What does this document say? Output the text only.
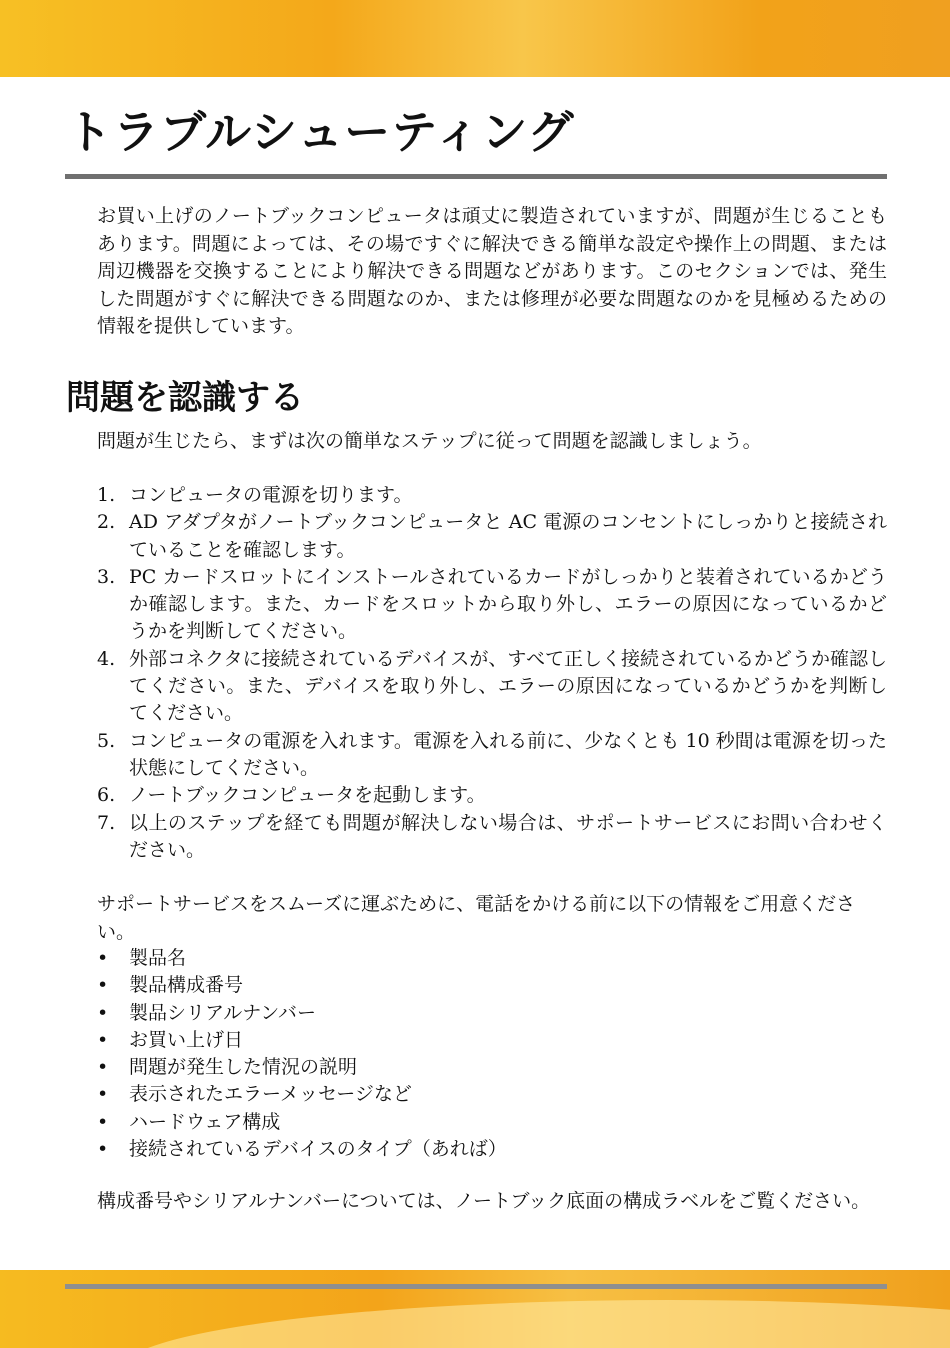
トラブルシューティング

お買い上げのノートブックコンピュータは頑丈に製造されていますが、問題が生じることもあります。問題によっては、その場ですぐに解決できる簡単な設定や操作上の問題、または周辺機器を交換することにより解決できる問題などがあります。このセクションでは、発生した問題がすぐに解決できる問題なのか、または修理が必要な問題なのかを見極めるための情報を提供しています。

問題を認識する

問題が生じたら、まずは次の簡単なステップに従って問題を認識しましょう。

1. コンピュータの電源を切ります。
2. AD アダプタがノートブックコンピュータと AC 電源のコンセントにしっかりと接続されていることを確認します。
3. PC カードスロットにインストールされているカードがしっかりと装着されているかどうか確認します。また、カードをスロットから取り外し、エラーの原因になっているかどうかを判断してください。
4. 外部コネクタに接続されているデバイスが、すべて正しく接続されているかどうか確認してください。また、デバイスを取り外し、エラーの原因になっているかどうかを判断してください。
5. コンピュータの電源を入れます。電源を入れる前に、少なくとも 10 秒間は電源を切った状態にしてください。
6. ノートブックコンピュータを起動します。
7. 以上のステップを経ても問題が解決しない場合は、サポートサービスにお問い合わせください。

サポートサービスをスムーズに運ぶために、電話をかける前に以下の情報をご用意ください。

• 製品名
• 製品構成番号
• 製品シリアルナンバー
• お買い上げ日
• 問題が発生した情況の説明
• 表示されたエラーメッセージなど
• ハードウェア構成
• 接続されているデバイスのタイプ（あれば）

構成番号やシリアルナンバーについては、ノートブック底面の構成ラベルをご覧ください。
